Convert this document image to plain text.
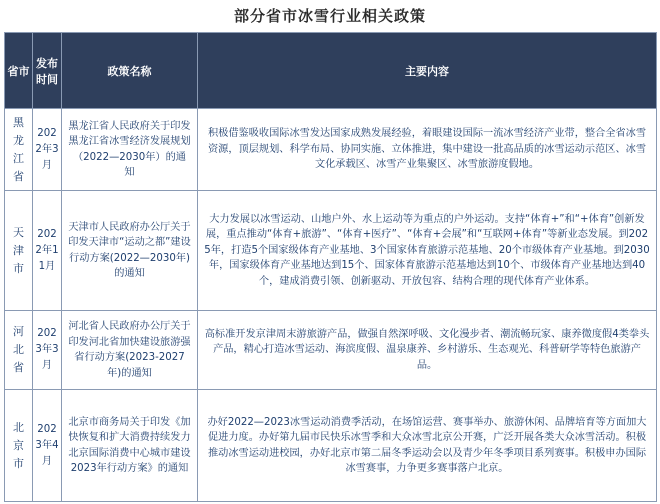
部分省市冰雪行业相关政策
省市	发布时间	政策名称	主要内容
黑龙江省	2022年3月	黑龙江省人民政府关于印发黑龙江省冰雪经济发展规划（2022—2030年）的通知	积极借鉴吸收国际冰雪发达国家成熟发展经验，着眼建设国际一流冰雪经济产业带，整合全省冰雪资源，顶层规划、科学布局、协同实施、立体推进，集中建设一批高品质的冰雪运动示范区、冰雪文化承载区、冰雪产业集聚区、冰雪旅游度假地。
天津市	2022年11月	天津市人民政府办公厅关于印发天津市“运动之都”建设行动方案(2022—2030年)的通知	大力发展以冰雪运动、山地户外、水上运动等为重点的户外运动。支持“体育+”和“+体育”创新发展，重点推动“体育+旅游”、“体育+医疗”、“体育+会展”和“互联网+体育”等新业态发展。到2025年，打造5个国家级体育产业基地、3个国家体育旅游示范基地、20个市级体育产业基地。到2030年，国家级体育产业基地达到15个、国家体育旅游示范基地达到10个、市级体育产业基地达到40个，建成消费引领、创新驱动、开放包容、结构合理的现代体育产业体系。
河北省	2023年3月	河北省人民政府办公厅关于印发河北省加快建设旅游强省行动方案(2023-2027年)的通知	高标准开发京津周末游旅游产品，做强自然深呼吸、文化漫步者、潮流畅玩家、康养微度假4类拳头产品，精心打造冰雪运动、海滨度假、温泉康养、乡村游乐、生态观光、科普研学等特色旅游产品。
北京市	2023年4月	北京市商务局关于印发《加快恢复和扩大消费持续发力北京国际消费中心城市建设2023年行动方案》的通知	办好2022—2023冰雪运动消费季活动，在场馆运营、赛事举办、旅游休闲、品牌培育等方面加大促进力度。办好第九届市民快乐冰雪季和大众冰雪北京公开赛，广泛开展各类大众冰雪活动。积极推动冰雪运动进校园，办好北京市第二届冬季运动会以及青少年冬季项目系列赛事。积极申办国际冰雪赛事，力争更多赛事落户北京。
